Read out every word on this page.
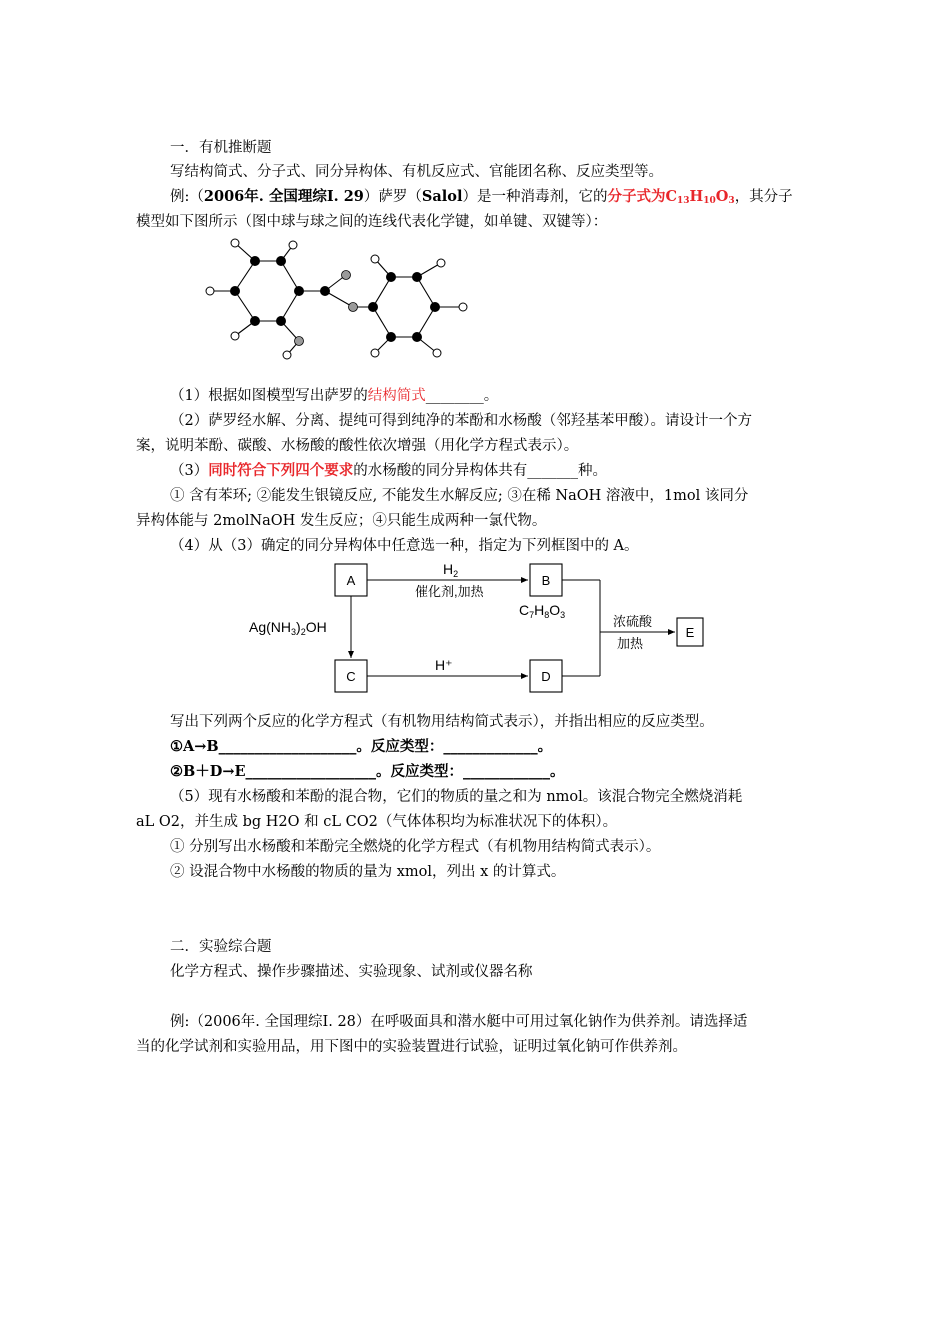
一．有机推断题
写结构简式、分子式、同分异构体、有机反应式、官能团名称、反应类型等。
例:（2006年. 全国理综I. 29）萨罗（Salol）是一种消毒剂，它的分子式为$C_{13}H_{10}O_3$，其分子
模型如下图所示（图中球与球之间的连线代表化学键，如单键、双键等）：
（1）根据如图模型写出萨罗的结构简式________。
（2）萨罗经水解、分离、提纯可得到纯净的苯酚和水杨酸（邻羟基苯甲酸）。请设计一个方
案，说明苯酚、碳酸、水杨酸的酸性依次增强（用化学方程式表示）。
（3）同时符合下列四个要求的水杨酸的同分异构体共有_______种。
① 含有苯环; ②能发生银镜反应, 不能发生水解反应; ③在稀 NaOH 溶液中，1mol 该同分
异构体能与 2molNaOH 发生反应；④只能生成两种一氯代物。
（4）从（3）确定的同分异构体中任意选一种，指定为下列框图中的 A。
A	B
C	D
E
$H_2$
催化剂,加热
$C_7H_8O_3$
$Ag(NH_3)_2OH$
H⁺
浓硫酸
加热
写出下列两个反应的化学方程式（有机物用结构简式表示），并指出相应的反应类型。
①A→B___________________。反应类型：_____________。
②B＋D→E__________________。反应类型：____________。
（5）现有水杨酸和苯酚的混合物，它们的物质的量之和为 nmol。该混合物完全燃烧消耗
aL O2，并生成 bg H2O 和 cL CO2（气体体积均为标准状况下的体积）。
① 分别写出水杨酸和苯酚完全燃烧的化学方程式（有机物用结构简式表示）。
② 设混合物中水杨酸的物质的量为 xmol，列出 x 的计算式。
二．实验综合题
化学方程式、操作步骤描述、实验现象、试剂或仪器名称
例:（2006年. 全国理综I. 28）在呼吸面具和潜水艇中可用过氧化钠作为供养剂。请选择适
当的化学试剂和实验用品，用下图中的实验装置进行试验，证明过氧化钠可作供养剂。
